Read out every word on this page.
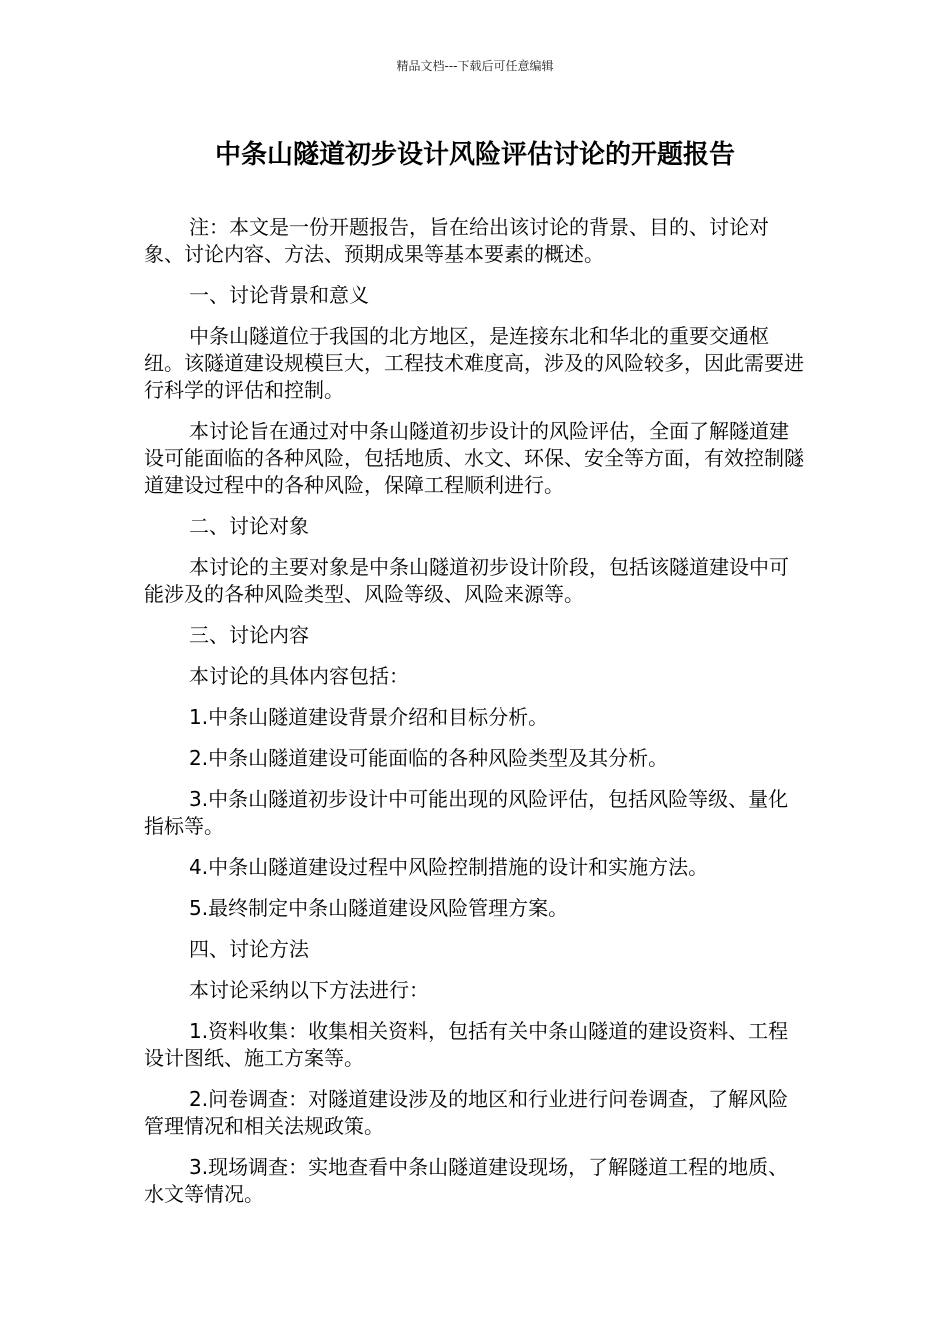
精品文档---下载后可任意编辑
中条山隧道初步设计风险评估讨论的开题报告

注：本文是一份开题报告，旨在给出该讨论的背景、目的、讨论对象、讨论内容、方法、预期成果等基本要素的概述。

一、讨论背景和意义

中条山隧道位于我国的北方地区，是连接东北和华北的重要交通枢纽。该隧道建设规模巨大，工程技术难度高，涉及的风险较多，因此需要进行科学的评估和控制。

本讨论旨在通过对中条山隧道初步设计的风险评估，全面了解隧道建设可能面临的各种风险，包括地质、水文、环保、安全等方面，有效控制隧道建设过程中的各种风险，保障工程顺利进行。

二、讨论对象

本讨论的主要对象是中条山隧道初步设计阶段，包括该隧道建设中可能涉及的各种风险类型、风险等级、风险来源等。

三、讨论内容

本讨论的具体内容包括：

1.中条山隧道建设背景介绍和目标分析。

2.中条山隧道建设可能面临的各种风险类型及其分析。

3.中条山隧道初步设计中可能出现的风险评估，包括风险等级、量化指标等。

4.中条山隧道建设过程中风险控制措施的设计和实施方法。

5.最终制定中条山隧道建设风险管理方案。

四、讨论方法

本讨论采纳以下方法进行：

1.资料收集：收集相关资料，包括有关中条山隧道的建设资料、工程设计图纸、施工方案等。

2.问卷调查：对隧道建设涉及的地区和行业进行问卷调查，了解风险管理情况和相关法规政策。

3.现场调查：实地查看中条山隧道建设现场，了解隧道工程的地质、水文等情况。
